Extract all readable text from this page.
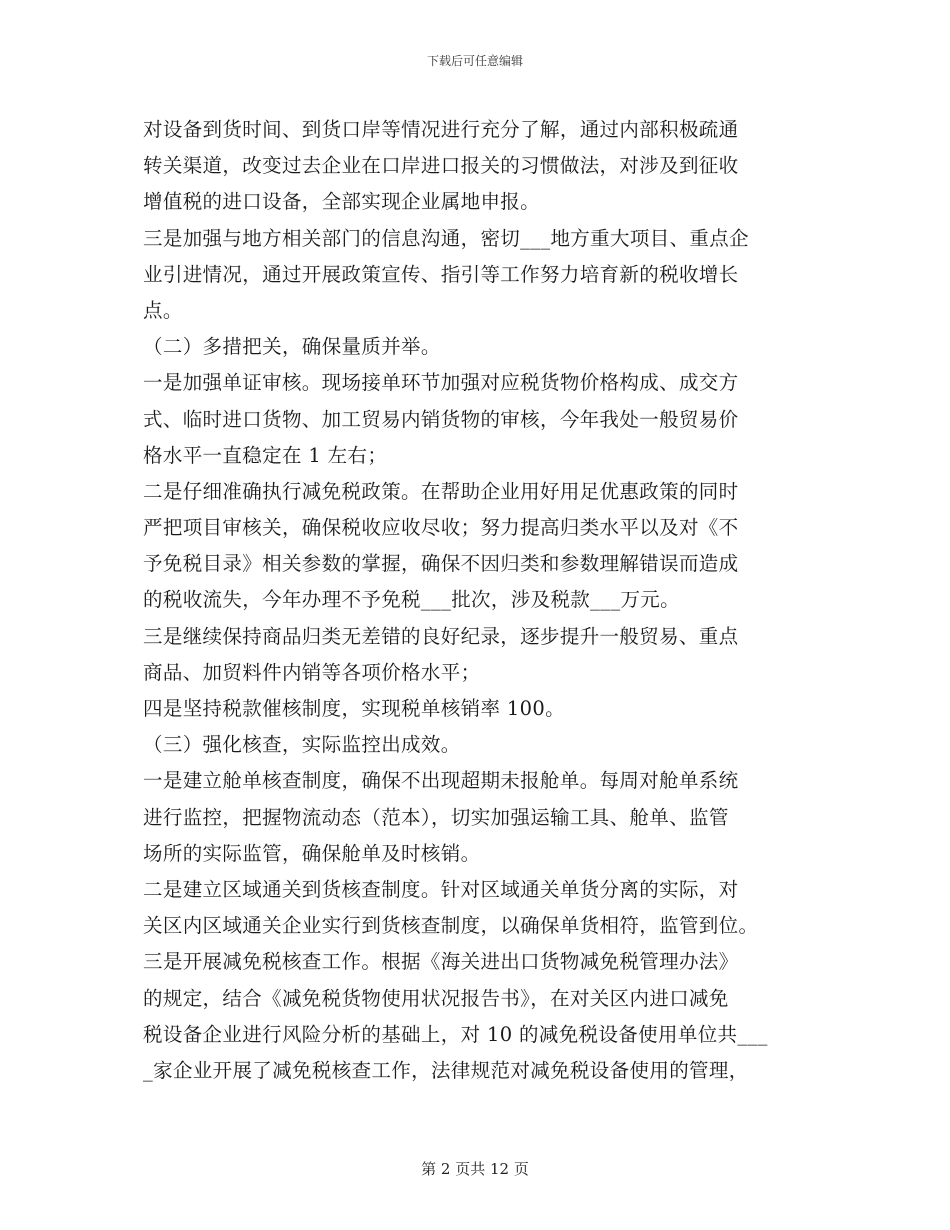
下载后可任意编辑
对设备到货时间、到货口岸等情况进行充分了解，通过内部积极疏通
转关渠道，改变过去企业在口岸进口报关的习惯做法，对涉及到征收
增值税的进口设备，全部实现企业属地申报。
三是加强与地方相关部门的信息沟通，密切___地方重大项目、重点企
业引进情况，通过开展政策宣传、指引等工作努力培育新的税收增长
点。
（二）多措把关，确保量质并举。
一是加强单证审核。现场接单环节加强对应税货物价格构成、成交方
式、临时进口货物、加工贸易内销货物的审核，今年我处一般贸易价
格水平一直稳定在 1 左右；
二是仔细准确执行减免税政策。在帮助企业用好用足优惠政策的同时
严把项目审核关，确保税收应收尽收；努力提高归类水平以及对《不
予免税目录》相关参数的掌握，确保不因归类和参数理解错误而造成
的税收流失，今年办理不予免税___批次，涉及税款___万元。
三是继续保持商品归类无差错的良好纪录，逐步提升一般贸易、重点
商品、加贸料件内销等各项价格水平；
四是坚持税款催核制度，实现税单核销率 100。
（三）强化核查，实际监控出成效。
一是建立舱单核查制度，确保不出现超期未报舱单。每周对舱单系统
进行监控，把握物流动态（范本），切实加强运输工具、舱单、监管
场所的实际监管，确保舱单及时核销。
二是建立区域通关到货核查制度。针对区域通关单货分离的实际，对
关区内区域通关企业实行到货核查制度，以确保单货相符，监管到位。
三是开展减免税核查工作。根据《海关进出口货物减免税管理办法》
的规定，结合《减免税货物使用状况报告书》，在对关区内进口减免
税设备企业进行风险分析的基础上，对 10 的减免税设备使用单位共___
_家企业开展了减免税核查工作，法律规范对减免税设备使用的管理，
第 2 页共 12 页
